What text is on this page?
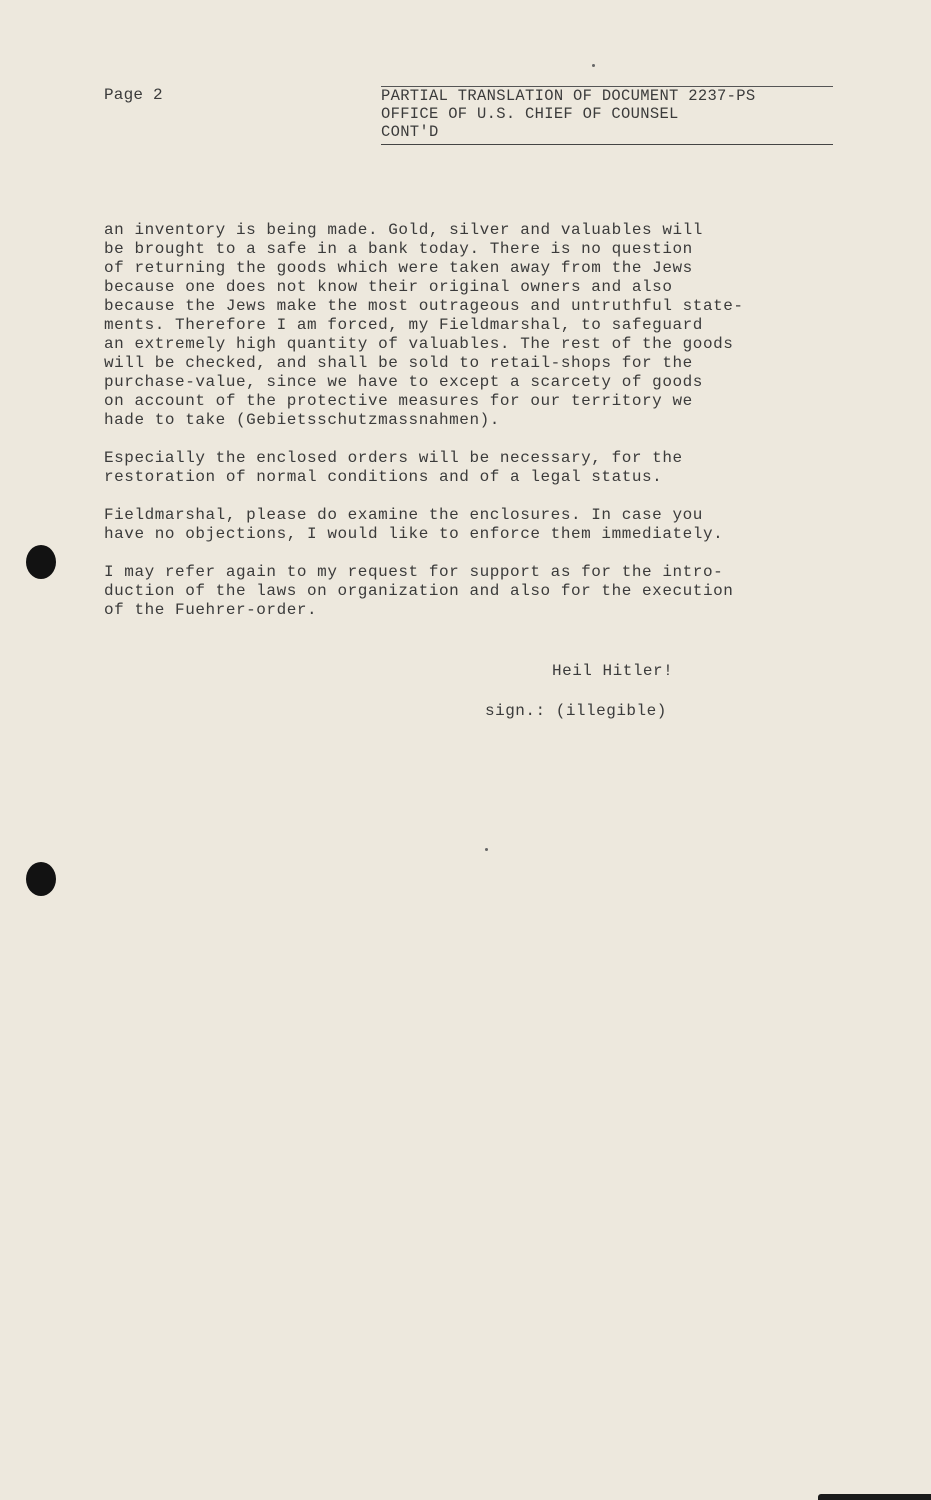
Page 2	PARTIAL TRANSLATION OF DOCUMENT 2237-PS
OFFICE OF U.S. CHIEF OF COUNSEL
CONT'D
an inventory is being made. Gold, silver and valuables will
be brought to a safe in a bank today. There is no question
of returning the goods which were taken away from the Jews
because one does not know their original owners and also
because the Jews make the most outrageous and untruthful state-
ments. Therefore I am forced, my Fieldmarshal, to safeguard
an extremely high quantity of valuables. The rest of the goods
will be checked, and shall be sold to retail-shops for the
purchase-value, since we have to except a scarcety of goods
on account of the protective measures for our territory we
hade to take (Gebietsschutzmassnahmen).
Especially the enclosed orders will be necessary, for the
restoration of normal conditions and of a legal status.
Fieldmarshal, please do examine the enclosures. In case you
have no objections, I would like to enforce them immediately.
I may refer again to my request for support as for the intro-
duction of the laws on organization and also for the execution
of the Fuehrer-order.
Heil Hitler!
sign.: (illegible)
